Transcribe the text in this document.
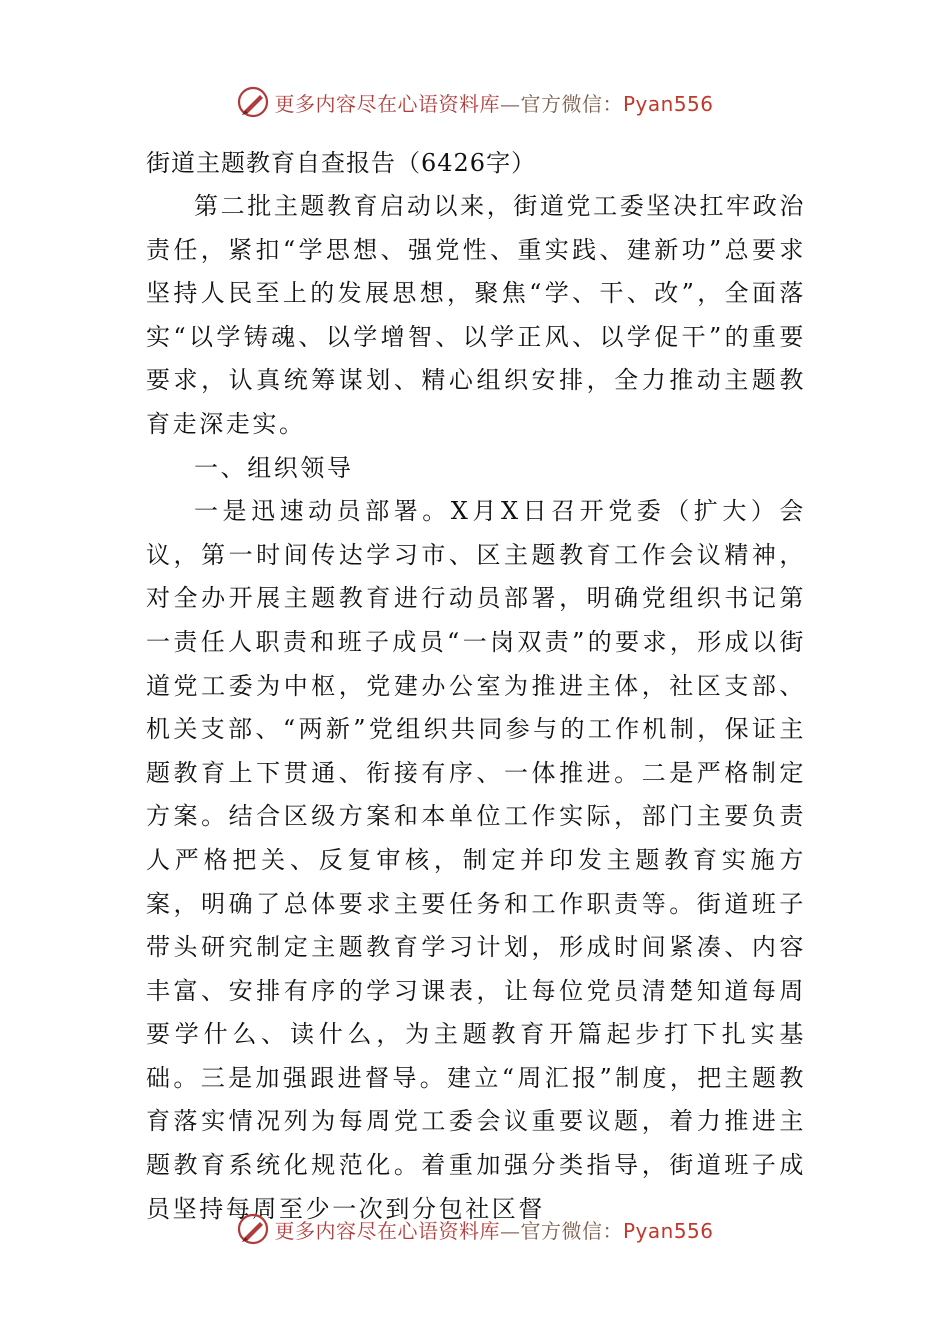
更多内容尽在心语资料库—官方微信：Pyan556

街道主题教育自查报告（6426字）

第二批主题教育启动以来，街道党工委坚决扛牢政治责任，紧扣“学思想、强党性、重实践、建新功”总要求坚持人民至上的发展思想，聚焦“学、干、改”，全面落实“以学铸魂、以学增智、以学正风、以学促干”的重要要求，认真统筹谋划、精心组织安排，全力推动主题教育走深走实。

一、组织领导

一是迅速动员部署。X月X日召开党委（扩大）会议，第一时间传达学习市、区主题教育工作会议精神，对全办开展主题教育进行动员部署，明确党组织书记第一责任人职责和班子成员“一岗双责”的要求，形成以街道党工委为中枢，党建办公室为推进主体，社区支部、机关支部、“两新”党组织共同参与的工作机制，保证主题教育上下贯通、衔接有序、一体推进。二是严格制定方案。结合区级方案和本单位工作实际，部门主要负责人严格把关、反复审核，制定并印发主题教育实施方案，明确了总体要求主要任务和工作职责等。街道班子带头研究制定主题教育学习计划，形成时间紧凑、内容丰富、安排有序的学习课表，让每位党员清楚知道每周要学什么、读什么，为主题教育开篇起步打下扎实基础。三是加强跟进督导。建立“周汇报”制度，把主题教育落实情况列为每周党工委会议重要议题，着力推进主题教育系统化规范化。着重加强分类指导，街道班子成员坚持每周至少一次到分包社区督

更多内容尽在心语资料库—官方微信：Pyan556
